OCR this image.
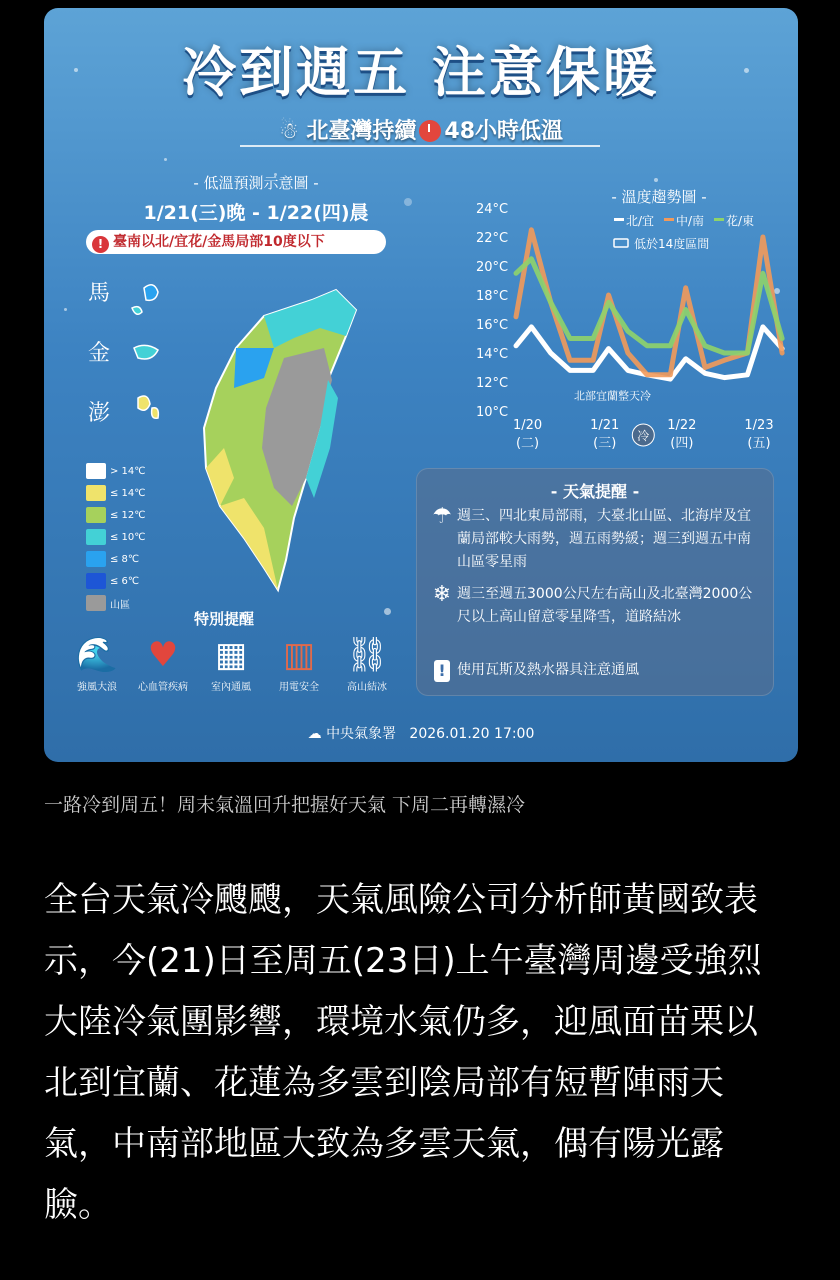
冷到週五 注意保暖
☃ 北臺灣持續 48小時低溫
- 低溫預測示意圖 -
1/21(三)晚 - 1/22(四)晨
! 臺南以北/宜花/金馬局部10度以下
馬
金
澎
> 14℃
≤ 14℃
≤ 12℃
≤ 10℃
≤ 8℃
≤ 6℃
山區
特別提醒
🌊
強風大浪
♥
心血管疾病
▦
室內通風
▥
用電安全
⛓
高山結冰
- 溫度趨勢圖 -
24°C
22°C
20°C
18°C
16°C
14°C
12°C
10°C
北/宜 中/南 花/東
低於14度區間
北部宜蘭整天冷
1/20
(二)
1/21
(三)
1/22
(四)
1/23
(五)
冷
- 天氣提醒 -
☂ 週三、四北東局部雨，大臺北山區、北海岸及宜蘭局部較大雨勢，週五雨勢緩；週三到週五中南山區零星雨
❄ 週三至週五3000公尺左右高山及北臺灣2000公尺以上高山留意零星降雪，道路結冰
! 使用瓦斯及熱水器具注意通風
☁ 中央氣象署 2026.01.20 17:00
一路冷到周五！周末氣溫回升把握好天氣 下周二再轉濕冷
全台天氣冷颼颼，天氣風險公司分析師黃國致表示，今(21)日至周五(23日)上午臺灣周邊受強烈大陸冷氣團影響，環境水氣仍多，迎風面苗栗以北到宜蘭、花蓮為多雲到陰局部有短暫陣雨天氣，中南部地區大致為多雲天氣，偶有陽光露臉。
